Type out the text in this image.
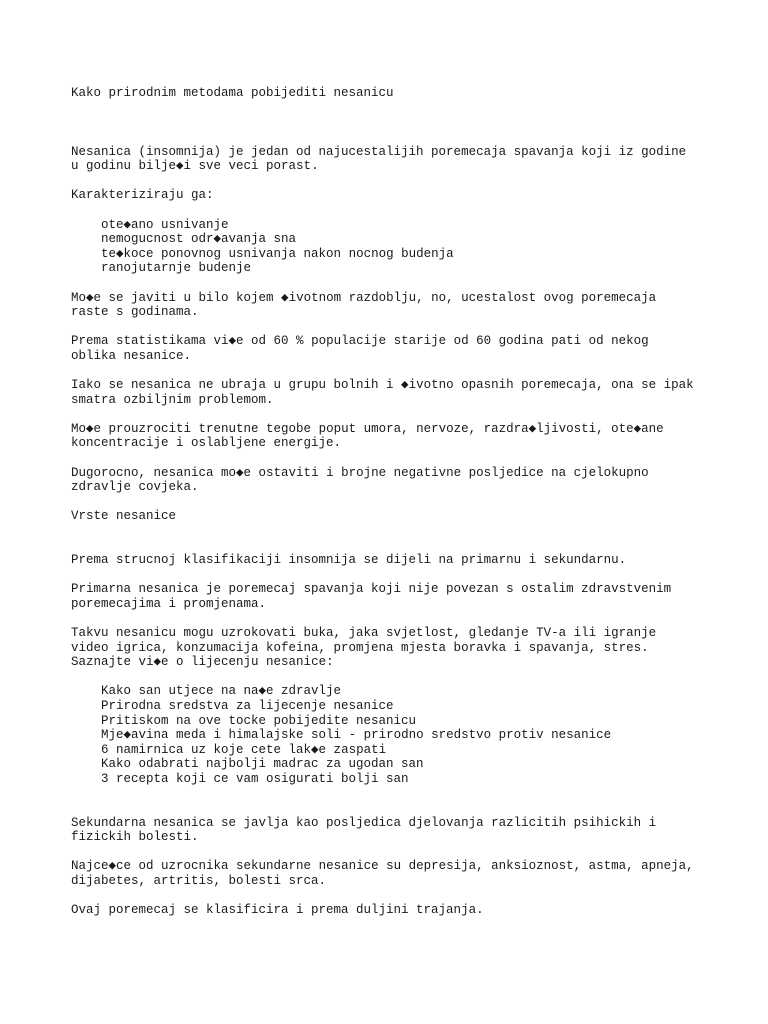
Kako prirodnim metodama pobijediti nesanicu
Nesanica (insomnija) je jedan od najucestalijih poremecaja spavanja koji iz godine
u godinu bilje◆i sve veci porast.
Karakteriziraju ga:
ote◆ano usnivanje
nemogucnost odr◆avanja sna
te◆koce ponovnog usnivanja nakon nocnog budenja
ranojutarnje budenje
Mo◆e se javiti u bilo kojem ◆ivotnom razdoblju, no, ucestalost ovog poremecaja
raste s godinama.
Prema statistikama vi◆e od 60 % populacije starije od 60 godina pati od nekog
oblika nesanice.
Iako se nesanica ne ubraja u grupu bolnih i ◆ivotno opasnih poremecaja, ona se ipak
smatra ozbiljnim problemom.
Mo◆e prouzrociti trenutne tegobe poput umora, nervoze, razdra◆ljivosti, ote◆ane
koncentracije i oslabljene energije.
Dugorocno, nesanica mo◆e ostaviti i brojne negativne posljedice na cjelokupno
zdravlje covjeka.
Vrste nesanice
Prema strucnoj klasifikaciji insomnija se dijeli na primarnu i sekundarnu.
Primarna nesanica je poremecaj spavanja koji nije povezan s ostalim zdravstvenim
poremecajima i promjenama.
Takvu nesanicu mogu uzrokovati buka, jaka svjetlost, gledanje TV-a ili igranje
video igrica, konzumacija kofeina, promjena mjesta boravka i spavanja, stres.
Saznajte vi◆e o lijecenju nesanice:
Kako san utjece na na◆e zdravlje
Prirodna sredstva za lijecenje nesanice
Pritiskom na ove tocke pobijedite nesanicu
Mje◆avina meda i himalajske soli - prirodno sredstvo protiv nesanice
6 namirnica uz koje cete lak◆e zaspati
Kako odabrati najbolji madrac za ugodan san
3 recepta koji ce vam osigurati bolji san
Sekundarna nesanica se javlja kao posljedica djelovanja razlicitih psihickih i
fizickih bolesti.
Najce◆ce od uzrocnika sekundarne nesanice su depresija, anksioznost, astma, apneja,
dijabetes, artritis, bolesti srca.
Ovaj poremecaj se klasificira i prema duljini trajanja.
